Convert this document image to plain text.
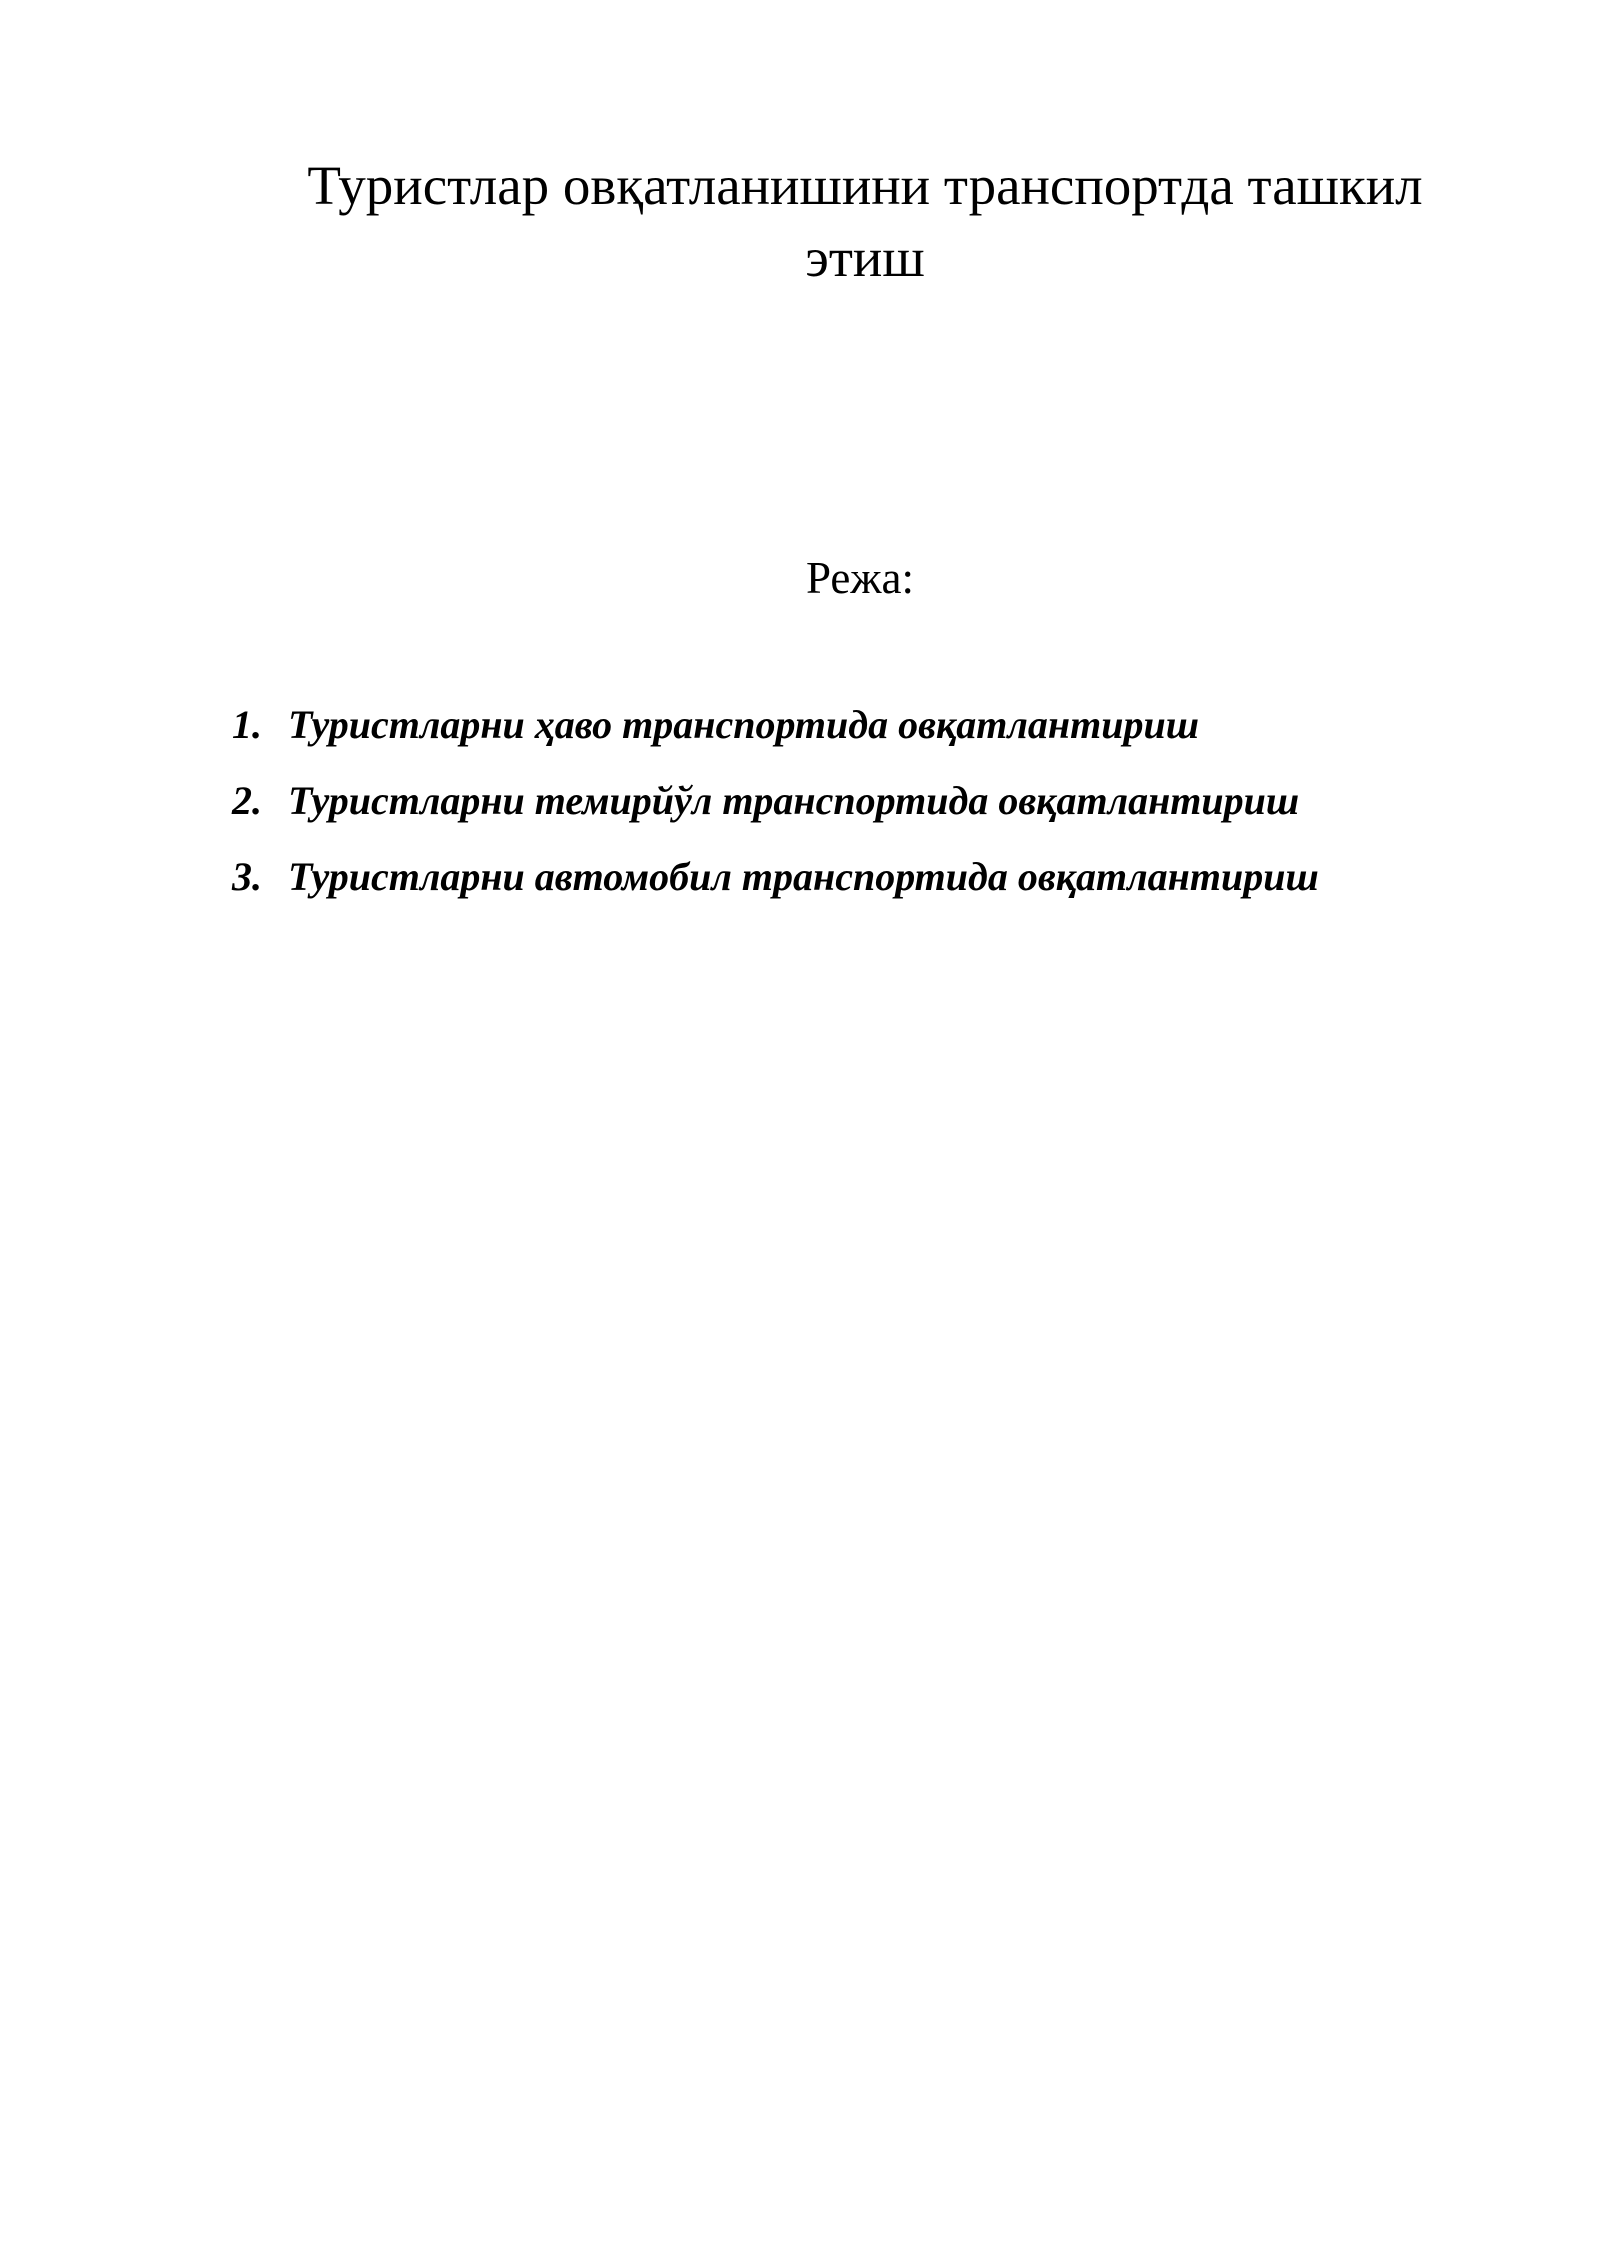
Туристлар овқатланишини транспортда ташкил этиш

Режа:

1. Туристларни ҳаво транспортида овқатлантириш
2. Туристларни темирйўл транспортида овқатлантириш
3. Туристларни автомобил транспортида овқатлантириш
